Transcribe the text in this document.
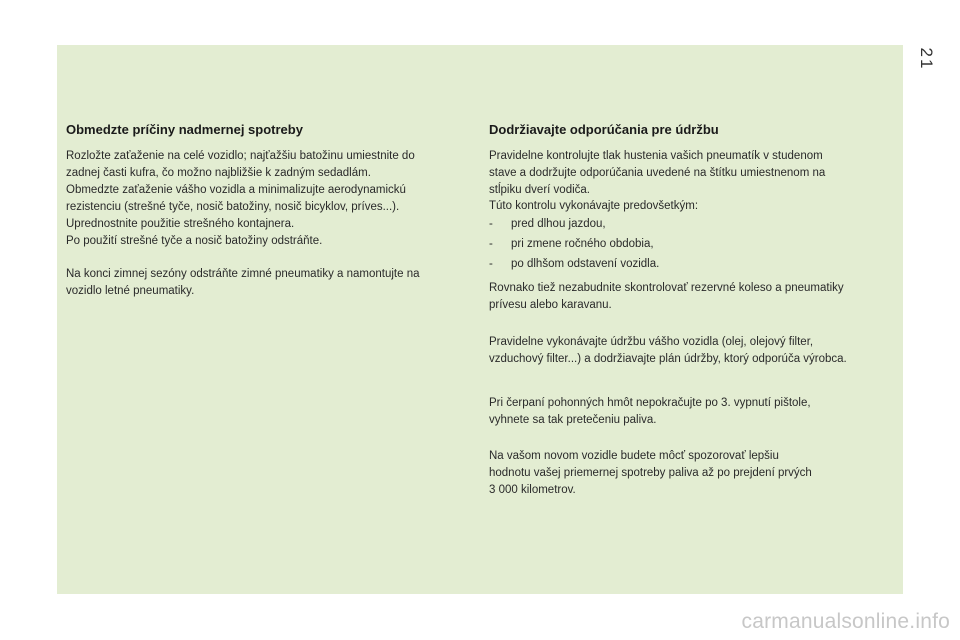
21
Obmedzte príčiny nadmernej spotreby

Rozložte zaťaženie na celé vozidlo; najťažšiu batožinu umiestnite do
zadnej časti kufra, čo možno najbližšie k zadným sedadlám.
Obmedzte zaťaženie vášho vozidla a minimalizujte aerodynamickú
rezistenciu (strešné tyče, nosič batožiny, nosič bicyklov, príves...).
Uprednostnite použitie strešného kontajnera.
Po použití strešné tyče a nosič batožiny odstráňte.

Na konci zimnej sezóny odstráňte zimné pneumatiky a namontujte na
vozidlo letné pneumatiky.

Dodržiavajte odporúčania pre údržbu

Pravidelne kontrolujte tlak hustenia vašich pneumatík v studenom
stave a dodržujte odporúčania uvedené na štítku umiestnenom na
stĺpiku dverí vodiča.

Túto kontrolu vykonávajte predovšetkým:

-	pred dlhou jazdou,
-	pri zmene ročného obdobia,
-	po dlhšom odstavení vozidla.

Rovnako tiež nezabudnite skontrolovať rezervné koleso a pneumatiky
prívesu alebo karavanu.

Pravidelne vykonávajte údržbu vášho vozidla (olej, olejový filter,
vzduchový filter...) a dodržiavajte plán údržby, ktorý odporúča výrobca.

Pri čerpaní pohonných hmôt nepokračujte po 3. vypnutí pištole,
vyhnete sa tak pretečeniu paliva.

Na vašom novom vozidle budete môcť spozorovať lepšiu
hodnotu vašej priemernej spotreby paliva až po prejdení prvých
3 000 kilometrov.

carmanualsonline.info
